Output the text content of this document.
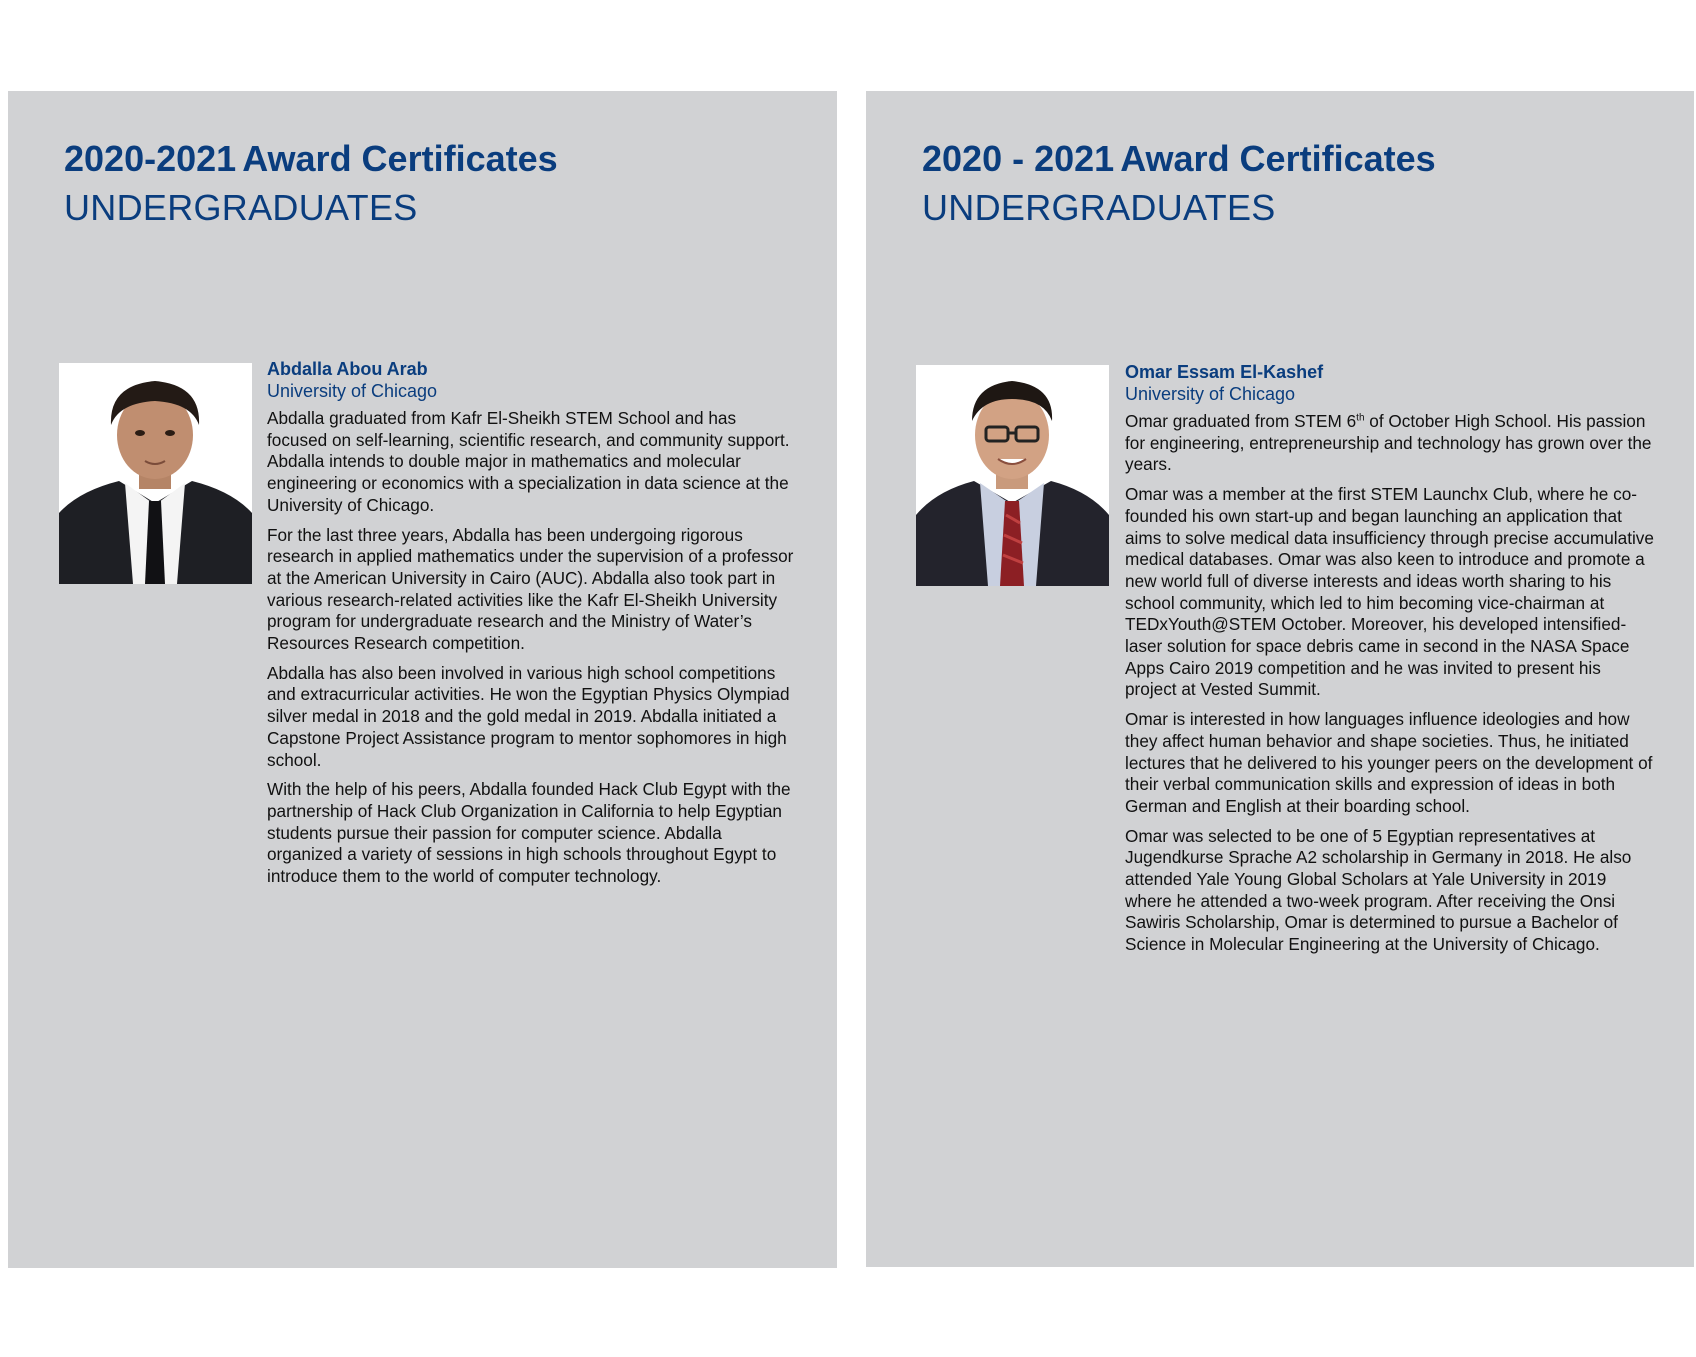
2020-2021 Award Certificates
UNDERGRADUATES
Abdalla Abou Arab
University of Chicago

Abdalla graduated from Kafr El-Sheikh STEM School and has focused on self-learning, scientific research, and community support. Abdalla intends to double major in mathematics and molecular engineering or economics with a specialization in data science at the University of Chicago.

For the last three years, Abdalla has been undergoing rigorous research in applied mathematics under the supervision of a professor at the American University in Cairo (AUC). Abdalla also took part in various research-related activities like the Kafr El-Sheikh University program for undergraduate research and the Ministry of Water’s Resources Research competition.

Abdalla has also been involved in various high school competitions and extracurricular activities. He won the Egyptian Physics Olympiad silver medal in 2018 and the gold medal in 2019. Abdalla initiated a Capstone Project Assistance program to mentor sophomores in high school.

With the help of his peers, Abdalla founded Hack Club Egypt with the partnership of Hack Club Organization in California to help Egyptian students pursue their passion for computer science. Abdalla organized a variety of sessions in high schools throughout Egypt to introduce them to the world of computer technology.

2020 - 2021 Award Certificates
UNDERGRADUATES
Omar Essam El-Kashef
University of Chicago

Omar graduated from STEM 6th of October High School. His passion for engineering, entrepreneurship and technology has grown over the years.

Omar was a member at the first STEM Launchx Club, where he co-founded his own start-up and began launching an application that aims to solve medical data insufficiency through precise accumulative medical databases. Omar was also keen to introduce and promote a new world full of diverse interests and ideas worth sharing to his school community, which led to him becoming vice-chairman at TEDxYouth@STEM October. Moreover, his developed intensified-laser solution for space debris came in second in the NASA Space Apps Cairo 2019 competition and he was invited to present his project at Vested Summit.

Omar is interested in how languages influence ideologies and how they affect human behavior and shape societies. Thus, he initiated lectures that he delivered to his younger peers on the development of their verbal communication skills and expression of ideas in both German and English at their boarding school.

Omar was selected to be one of 5 Egyptian representatives at Jugendkurse Sprache A2 scholarship in Germany in 2018. He also attended Yale Young Global Scholars at Yale University in 2019 where he attended a two-week program. After receiving the Onsi Sawiris Scholarship, Omar is determined to pursue a Bachelor of Science in Molecular Engineering at the University of Chicago.
